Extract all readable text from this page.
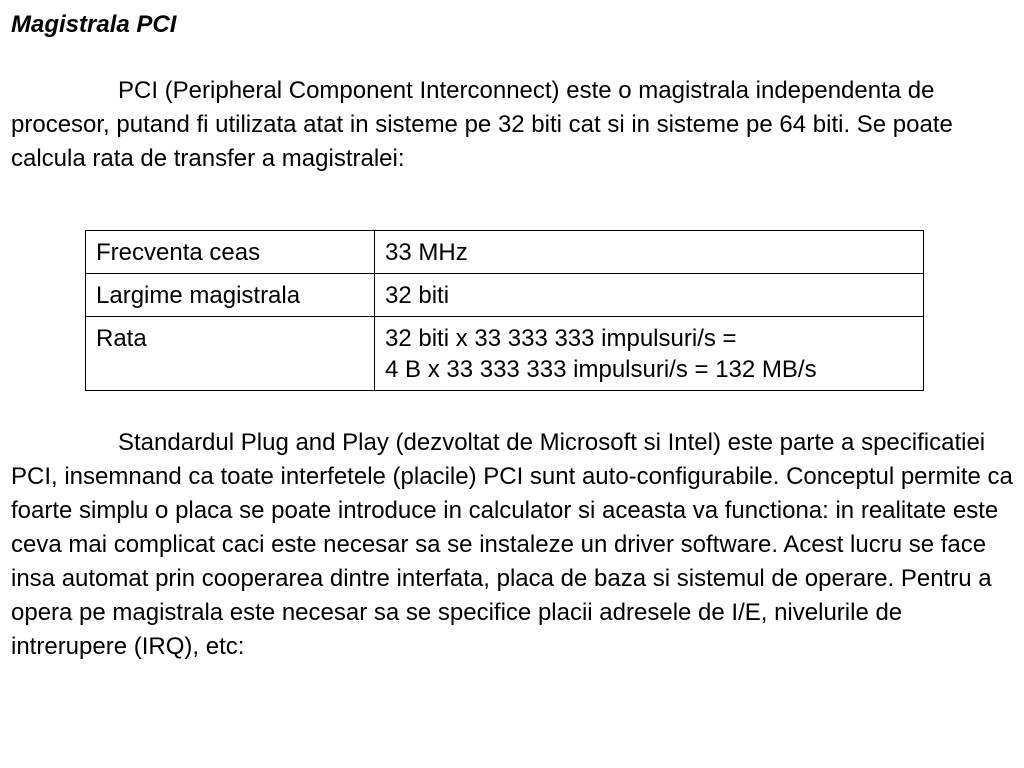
Magistrala PCI

PCI (Peripheral Component Interconnect) este o magistrala independenta de procesor, putand fi utilizata atat in sisteme pe 32 biti cat si in sisteme pe 64 biti. Se poate calcula rata de transfer a magistralei:

Frecventa ceas	33 MHz

Largime magistrala	32 biti

Rata	32 biti x 33 333 333 impulsuri/s =
4 B x 33 333 333 impulsuri/s = 132 MB/s

Standardul Plug and Play (dezvoltat de Microsoft si Intel) este parte a specificatiei PCI, insemnand ca toate interfetele (placile) PCI sunt auto-configurabile. Conceptul permite ca foarte simplu o placa se poate introduce in calculator si aceasta va functiona: in realitate este ceva mai complicat caci este necesar sa se instaleze un driver software. Acest lucru se face insa automat prin cooperarea dintre interfata, placa de baza si sistemul de operare. Pentru a opera pe magistrala este necesar sa se specifice placii adresele de I/E, nivelurile de intrerupere (IRQ), etc:
